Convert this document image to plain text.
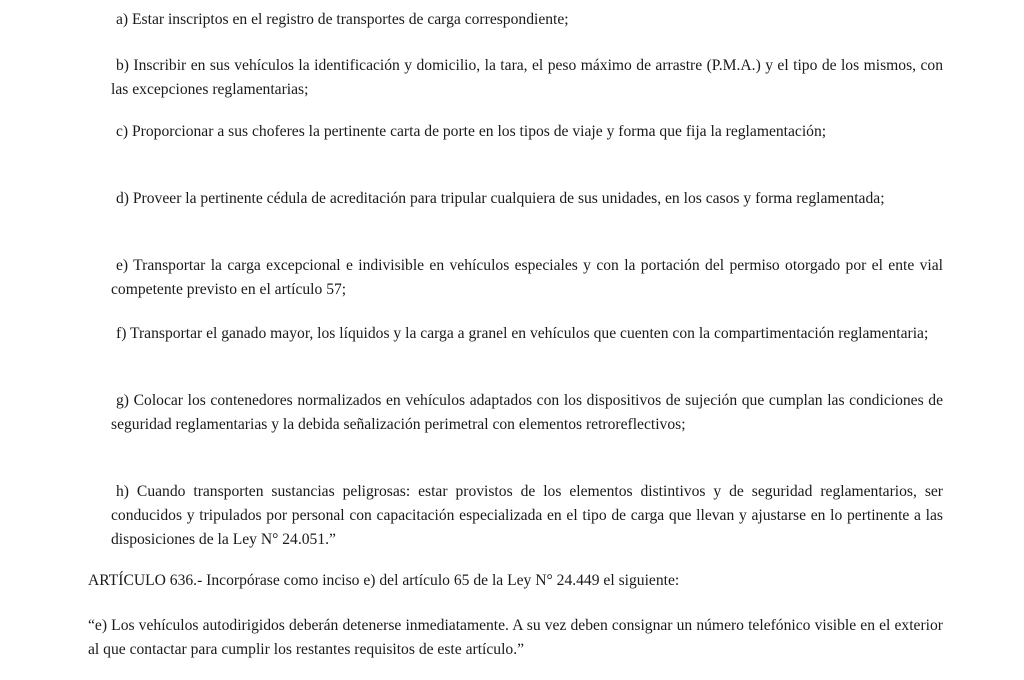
a) Estar inscriptos en el registro de transportes de carga correspondiente;

b) Inscribir en sus vehículos la identificación y domicilio, la tara, el peso máximo de arrastre (P.M.A.) y el tipo de los mismos, con las excepciones reglamentarias;

c) Proporcionar a sus choferes la pertinente carta de porte en los tipos de viaje y forma que fija la reglamentación;

d) Proveer la pertinente cédula de acreditación para tripular cualquiera de sus unidades, en los casos y forma reglamentada;

e) Transportar la carga excepcional e indivisible en vehículos especiales y con la portación del permiso otorgado por el ente vial competente previsto en el artículo 57;

f) Transportar el ganado mayor, los líquidos y la carga a granel en vehículos que cuenten con la compartimentación reglamentaria;

g) Colocar los contenedores normalizados en vehículos adaptados con los dispositivos de sujeción que cumplan las condiciones de seguridad reglamentarias y la debida señalización perimetral con elementos retroreflectivos;

h) Cuando transporten sustancias peligrosas: estar provistos de los elementos distintivos y de seguridad reglamentarios, ser conducidos y tripulados por personal con capacitación especializada en el tipo de carga que llevan y ajustarse en lo pertinente a las disposiciones de la Ley N° 24.051.”

ARTÍCULO 636.- Incorpórase como inciso e) del artículo 65 de la Ley N° 24.449 el siguiente:

“e) Los vehículos autodirigidos deberán detenerse inmediatamente. A su vez deben consignar un número telefónico visible en el exterior al que contactar para cumplir los restantes requisitos de este artículo.”
